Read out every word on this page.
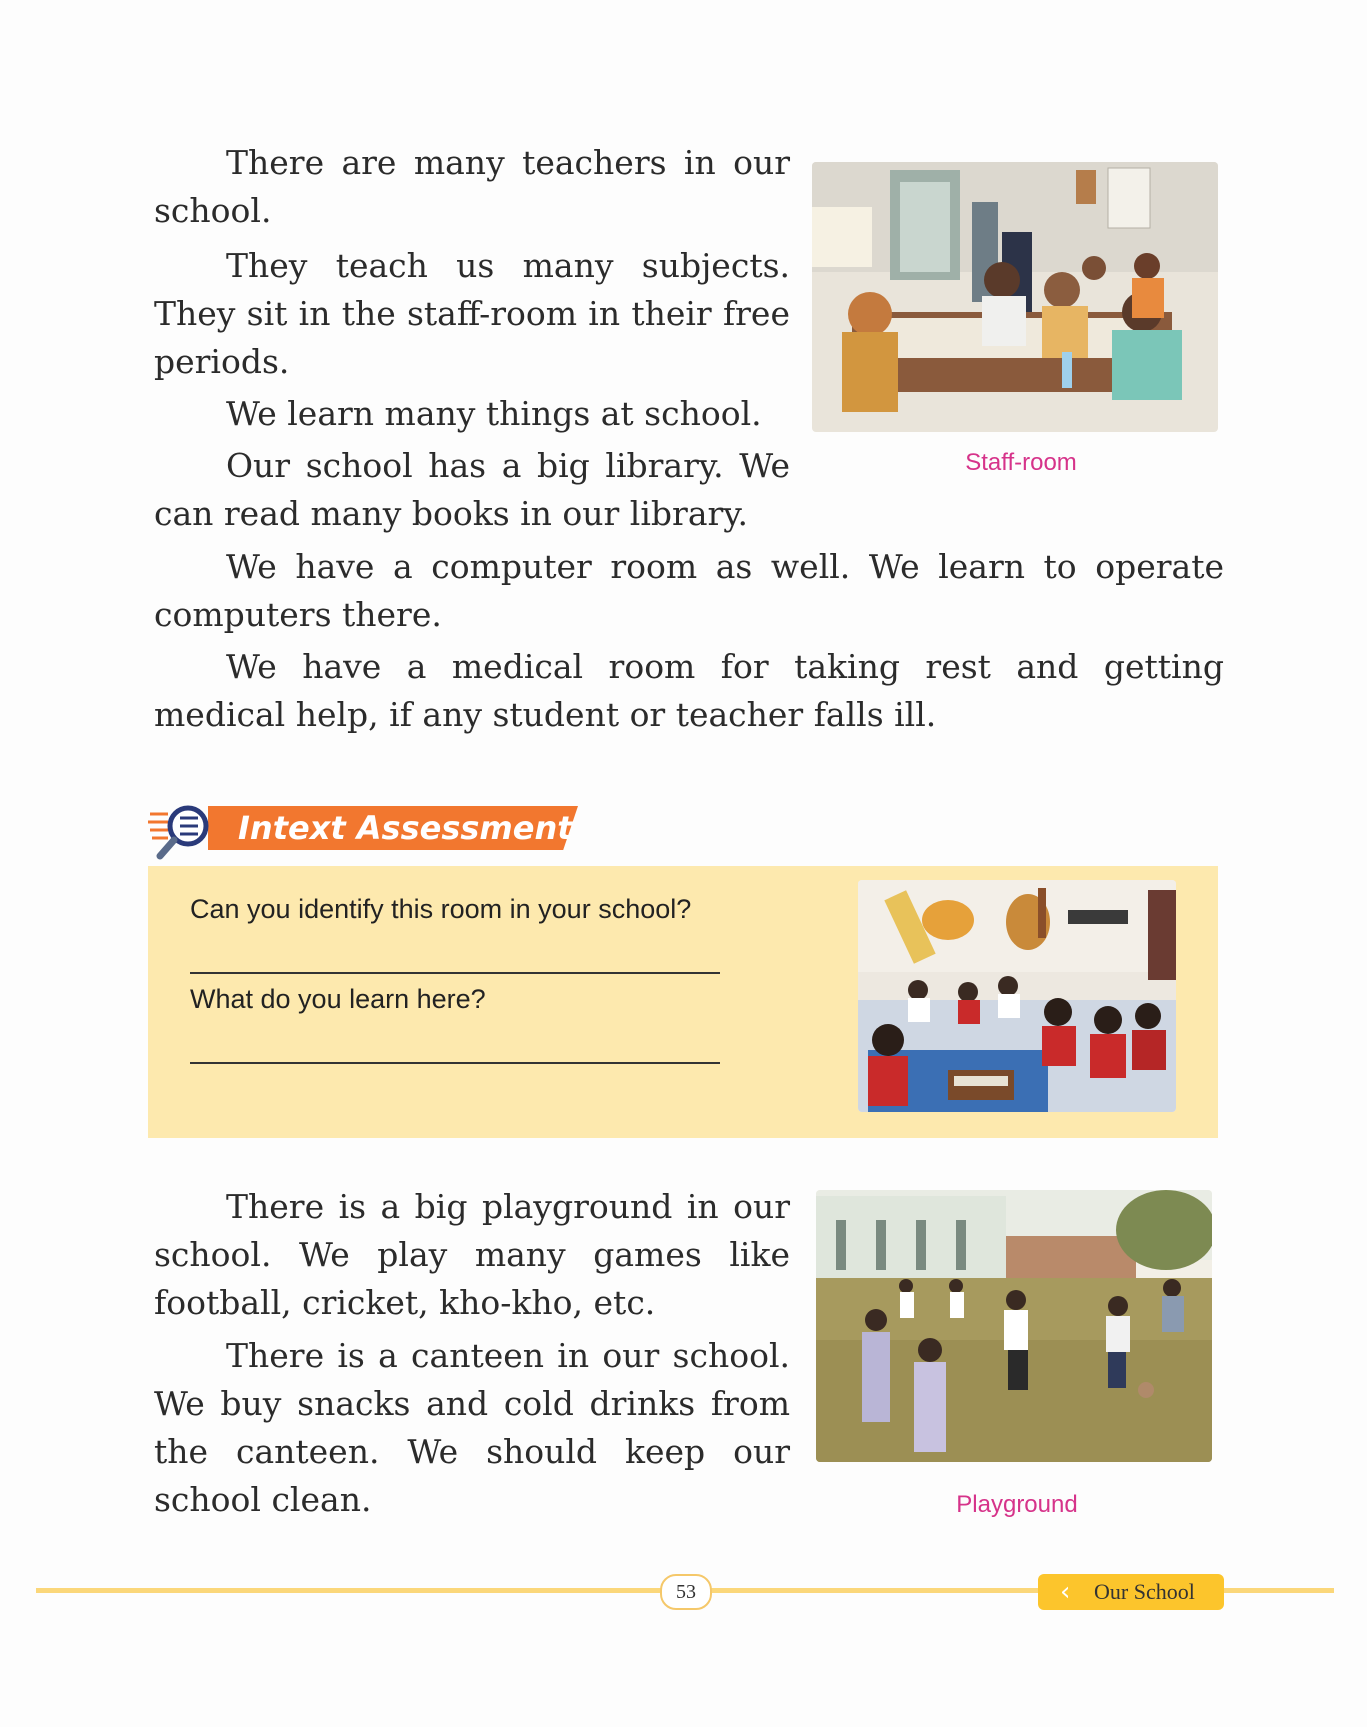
There are many teachers in our school.

They teach us many subjects. They sit in the staff-room in their free periods.

We learn many things at school.

Our school has a big library. We can read many books in our library.

Staff-room

We have a computer room as well. We learn to operate computers there.

We have a medical room for taking rest and getting medical help, if any student or teacher falls ill.

Intext Assessment
Can you identify this room in your school?
What do you learn here?

There is a big playground in our school. We play many games like football, cricket, kho-kho, etc.

There is a canteen in our school. We buy snacks and cold drinks from the canteen. We should keep our school clean.	Playground
53	‹ Our School
